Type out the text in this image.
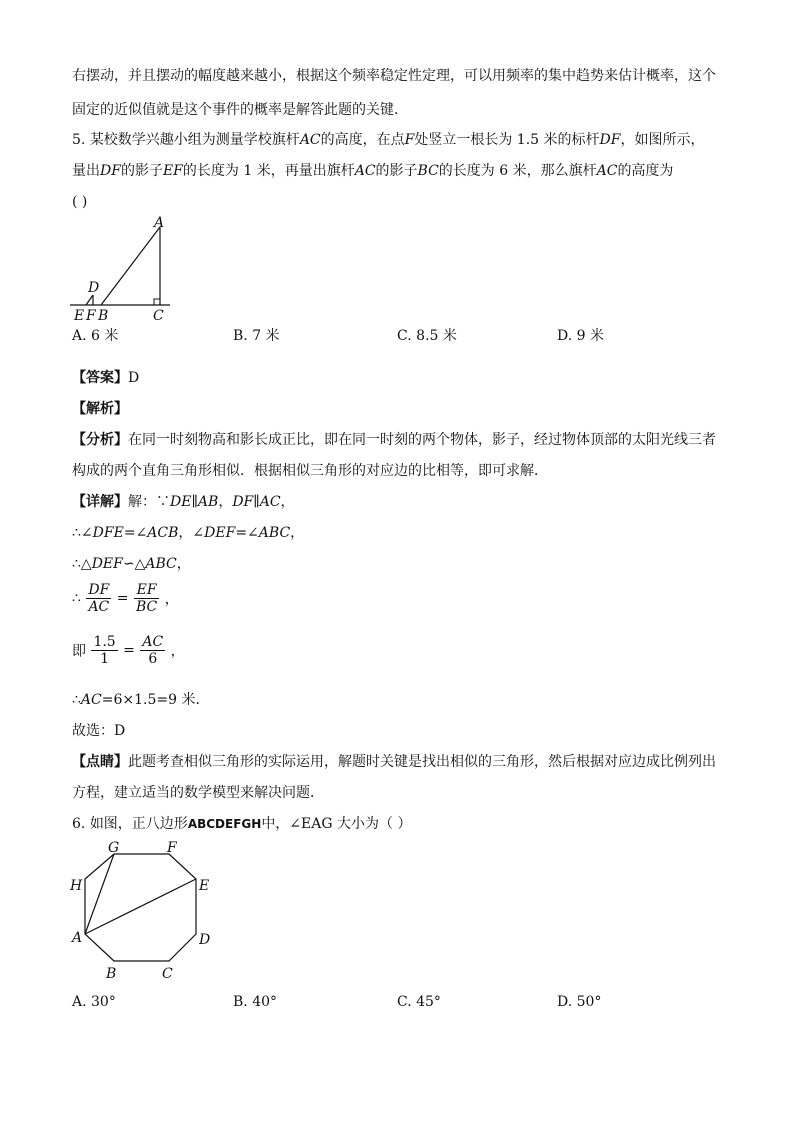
右摆动，并且摆动的幅度越来越小，根据这个频率稳定性定理，可以用频率的集中趋势来估计概率，这个
固定的近似值就是这个事件的概率是解答此题的关键．
5. 某校数学兴趣小组为测量学校旗杆AC的高度，在点F处竖立一根长为 1.5 米的标杆DF，如图所示，
量出DF的影子EF的长度为 1 米，再量出旗杆AC的影子BC的长度为 6 米，那么旗杆AC的高度为
( )
A
D
E F B	C
A. 6 米	B. 7 米	C. 8.5 米	D. 9 米
【答案】D
【解析】
【分析】在同一时刻物高和影长成正比，即在同一时刻的两个物体，影子，经过物体顶部的太阳光线三者
构成的两个直角三角形相似．根据相似三角形的对应边的比相等，即可求解．
【详解】解：∵DE∥AB，DF∥AC，
∴∠DFE=∠ACB，∠DEF=∠ABC，
∴△DEF∽△ABC，
∴ $\frac{DF}{AC} = \frac{EF}{BC}$ ，
即 $\frac{1.5}{1} = \frac{AC}{6}$ ，
∴AC=6×1.5=9 米．
故选：D
【点睛】此题考查相似三角形的实际运用，解题时关键是找出相似的三角形，然后根据对应边成比例列出
方程，建立适当的数学模型来解决问题．
6. 如图，正八边形ABCDEFGH中，∠EAG 大小为（ ）
G	F
H	E
A	D
B	C
A. 30°	B. 40°	C. 45°	D. 50°
